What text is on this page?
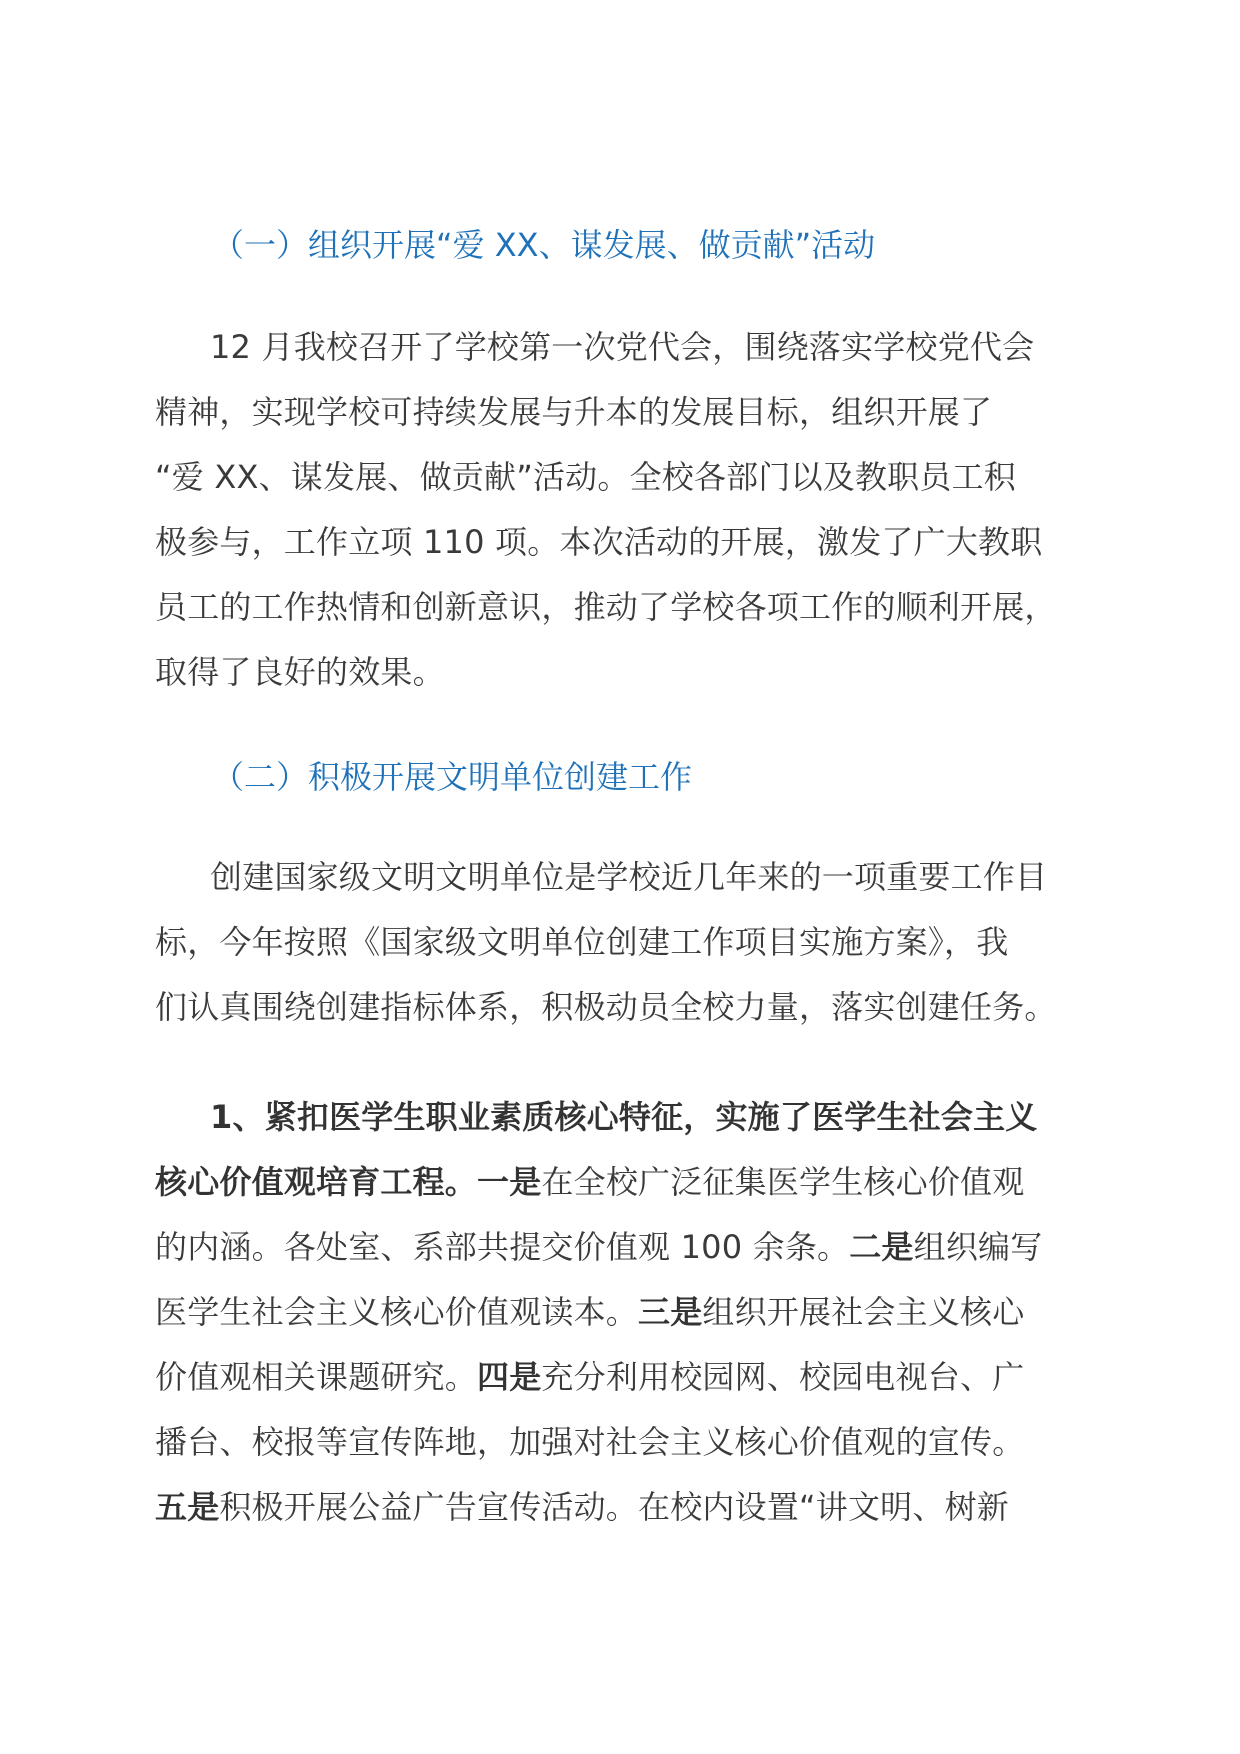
（一）组织开展“爱 XX、谋发展、做贡献”活动
12 月我校召开了学校第一次党代会，围绕落实学校党代会
精神，实现学校可持续发展与升本的发展目标，组织开展了
“爱 XX、谋发展、做贡献”活动。全校各部门以及教职员工积
极参与，工作立项 110 项。本次活动的开展，激发了广大教职
员工的工作热情和创新意识，推动了学校各项工作的顺利开展，
取得了良好的效果。
（二）积极开展文明单位创建工作
创建国家级文明文明单位是学校近几年来的一项重要工作目
标，今年按照《国家级文明单位创建工作项目实施方案》，我
们认真围绕创建指标体系，积极动员全校力量，落实创建任务。
1、紧扣医学生职业素质核心特征，实施了医学生社会主义
核心价值观培育工程。一是在全校广泛征集医学生核心价值观
的内涵。各处室、系部共提交价值观 100 余条。二是组织编写
医学生社会主义核心价值观读本。三是组织开展社会主义核心
价值观相关课题研究。四是充分利用校园网、校园电视台、广
播台、校报等宣传阵地，加强对社会主义核心价值观的宣传。
五是积极开展公益广告宣传活动。在校内设置“讲文明、树新
